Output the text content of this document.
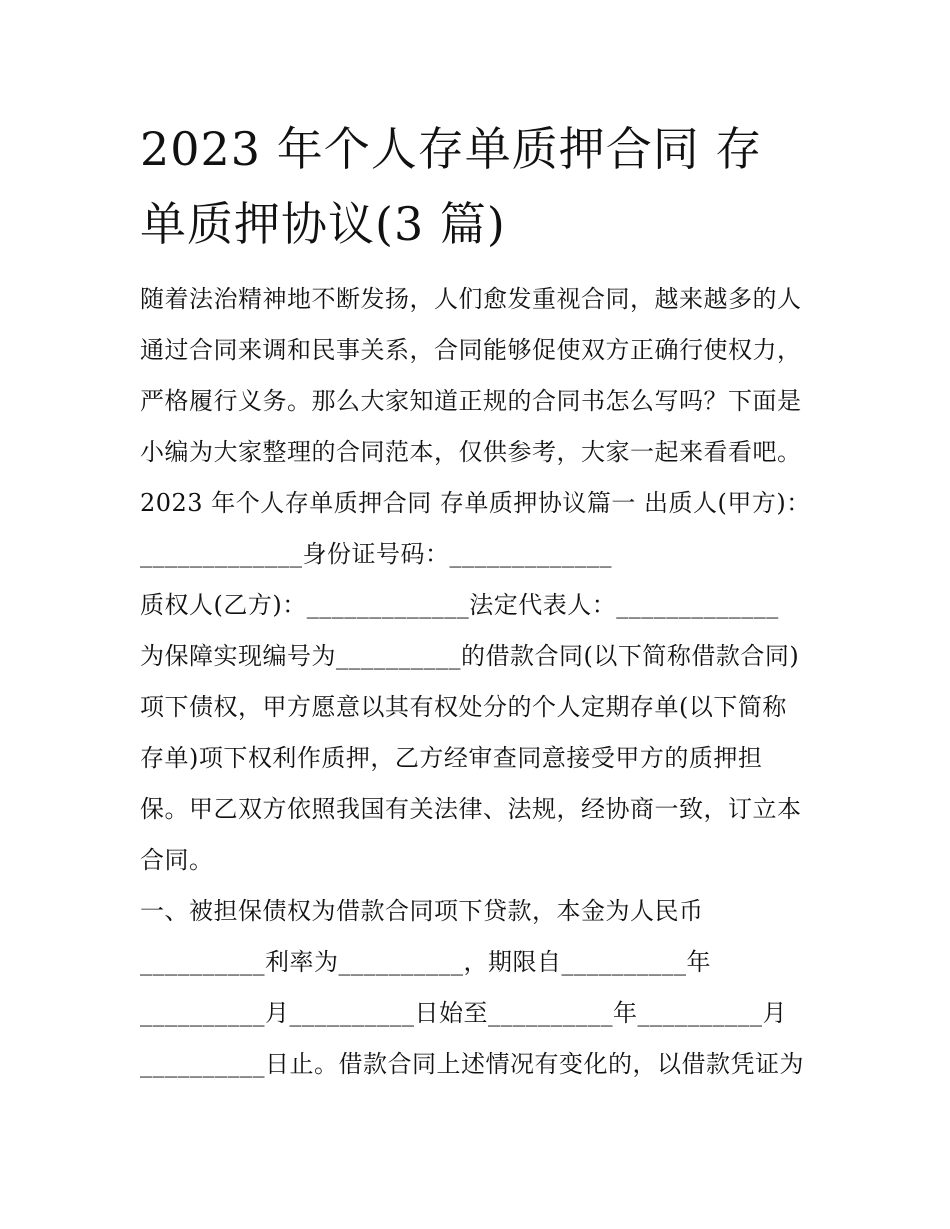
2023 年个人存单质押合同 存
单质押协议(3 篇)
随着法治精神地不断发扬，人们愈发重视合同，越来越多的人
通过合同来调和民事关系，合同能够促使双方正确行使权力，
严格履行义务。那么大家知道正规的合同书怎么写吗？下面是
小编为大家整理的合同范本，仅供参考，大家一起来看看吧。
2023 年个人存单质押合同 存单质押协议篇一 出质人(甲方)：
_____________身份证号码：_____________
质权人(乙方)：_____________法定代表人：_____________
为保障实现编号为__________的借款合同(以下简称借款合同)
项下债权，甲方愿意以其有权处分的个人定期存单(以下简称
存单)项下权利作质押，乙方经审查同意接受甲方的质押担
保。甲乙双方依照我国有关法律、法规，经协商一致，订立本
合同。
一、被担保债权为借款合同项下贷款，本金为人民币
__________利率为__________，期限自__________年
__________月__________日始至__________年__________月
__________日止。借款合同上述情况有变化的，以借款凭证为
